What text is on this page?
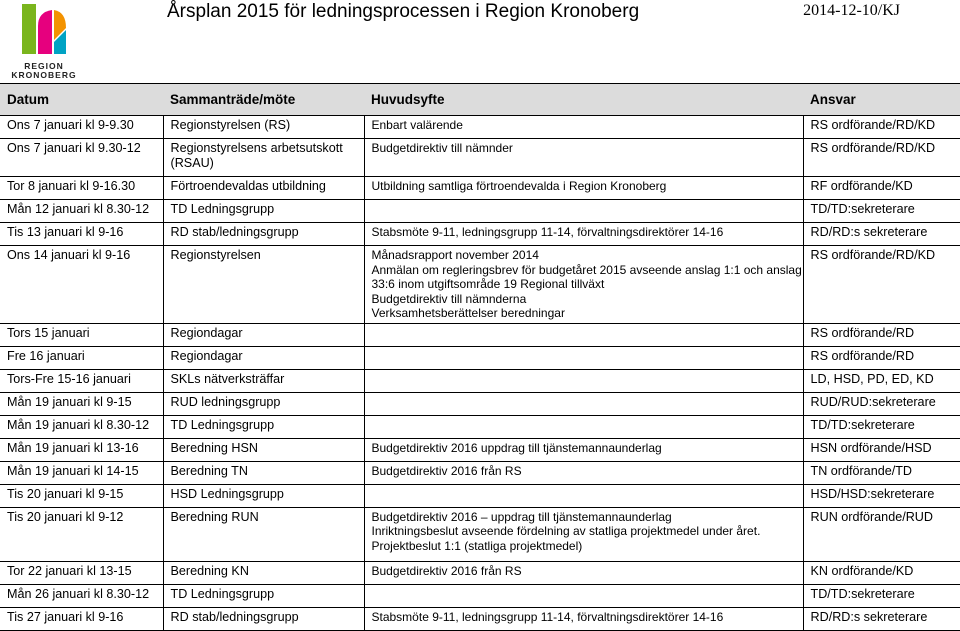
REGION
KRONOBERG
Årsplan 2015 för ledningsprocessen i Region Kronoberg	2014-12-10/KJ
Datum	Sammanträde/möte	Huvudsyfte	Ansvar
Ons 7 januari kl 9-9.30	Regionstyrelsen (RS)	Enbart valärende	RS ordförande/RD/KD
Ons 7 januari kl 9.30-12	Regionstyrelsens arbetsutskott (RSAU)	Budgetdirektiv till nämnder	RS ordförande/RD/KD
Tor 8 januari kl 9-16.30	Förtroendevaldas utbildning	Utbildning samtliga förtroendevalda i Region Kronoberg	RF ordförande/KD
Mån 12 januari kl 8.30-12	TD Ledningsgrupp		TD/TD:sekreterare
Tis 13 januari kl 9-16	RD stab/ledningsgrupp	Stabsmöte 9-11, ledningsgrupp 11-14, förvaltningsdirektörer 14-16	RD/RD:s sekreterare
Ons 14 januari kl 9-16	Regionstyrelsen	Månadsrapport november 2014
Anmälan om regleringsbrev för budgetåret 2015 avseende anslag 1:1 och anslag 33:6 inom utgiftsområde 19 Regional tillväxt
Budgetdirektiv till nämnderna
Verksamhetsberättelser beredningar	RS ordförande/RD/KD
Tors 15 januari	Regiondagar		RS ordförande/RD
Fre 16 januari	Regiondagar		RS ordförande/RD
Tors-Fre 15-16 januari	SKLs nätverksträffar		LD, HSD, PD, ED, KD
Mån 19 januari kl 9-15	RUD ledningsgrupp		RUD/RUD:sekreterare
Mån 19 januari kl 8.30-12	TD Ledningsgrupp		TD/TD:sekreterare
Mån 19 januari kl 13-16	Beredning HSN	Budgetdirektiv 2016 uppdrag till tjänstemannaunderlag	HSN ordförande/HSD
Mån 19 januari kl 14-15	Beredning TN	Budgetdirektiv 2016 från RS	TN ordförande/TD
Tis 20 januari kl 9-15	HSD Ledningsgrupp		HSD/HSD:sekreterare
Tis 20 januari kl 9-12	Beredning RUN	Budgetdirektiv 2016 – uppdrag till tjänstemannaunderlag
Inriktningsbeslut avseende fördelning av statliga projektmedel under året.
Projektbeslut 1:1 (statliga projektmedel)	RUN ordförande/RUD
Tor 22 januari kl 13-15	Beredning KN	Budgetdirektiv 2016 från RS	KN ordförande/KD
Mån 26 januari kl 8.30-12	TD Ledningsgrupp		TD/TD:sekreterare
Tis 27 januari kl 9-16	RD stab/ledningsgrupp	Stabsmöte 9-11, ledningsgrupp 11-14, förvaltningsdirektörer 14-16	RD/RD:s sekreterare
